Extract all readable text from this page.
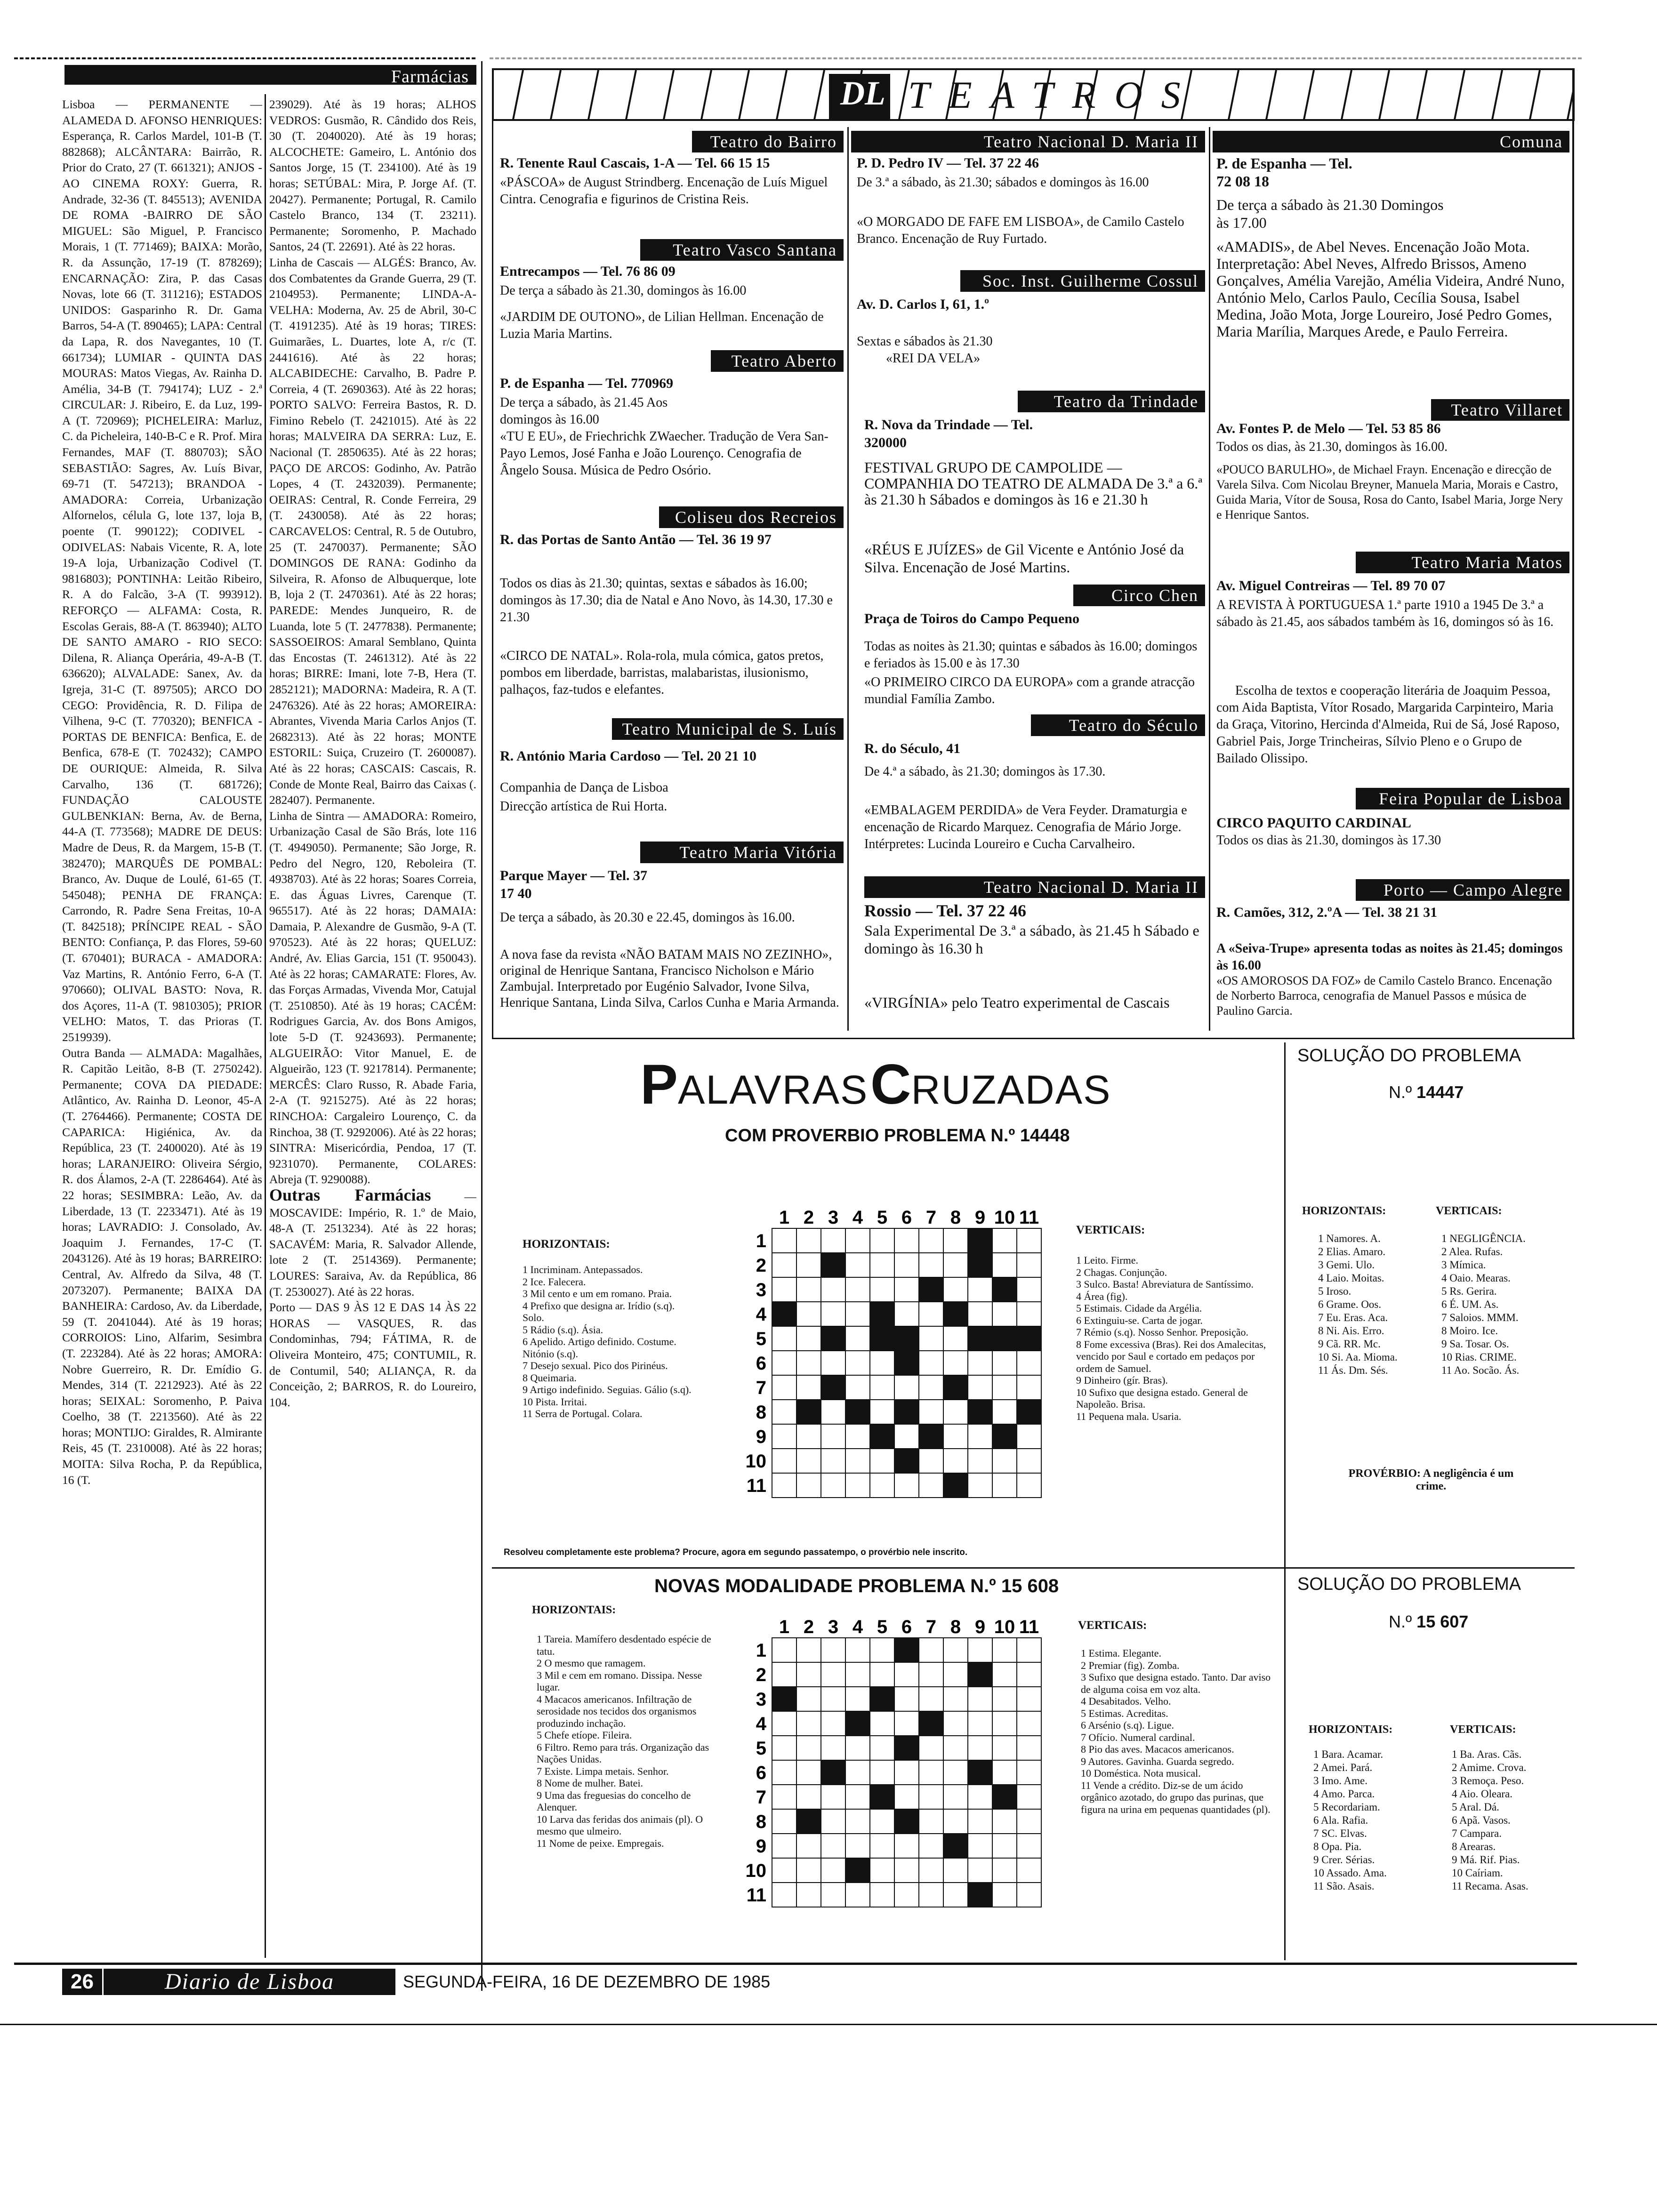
Farmácias

Lisboa — PERMANENTE — ALAMEDA D. AFONSO HENRIQUES: Esperança, R. Carlos Mardel, 101-B (T. 882868); ALCÂNTARA: Bairrão, R. Prior do Crato, 27 (T. 661321); ANJOS - AO CINEMA ROXY: Guerra, R. Andrade, 32-36 (T. 845513); AVENIDA DE ROMA -BAIRRO DE SÃO MIGUEL: São Miguel, P. Francisco Morais, 1 (T. 771469); BAIXA: Morão, R. da Assunção, 17-19 (T. 878269); ENCARNAÇÃO: Zira, P. das Casas Novas, lote 66 (T. 311216); ESTADOS UNIDOS: Gasparinho R. Dr. Gama Barros, 54-A (T. 890465); LAPA: Central da Lapa, R. dos Navegantes, 10 (T. 661734); LUMIAR - QUINTA DAS MOURAS: Matos Viegas, Av. Rainha D. Amélia, 34-B (T. 794174); LUZ - 2.ª CIRCULAR: J. Ribeiro, E. da Luz, 199-A (T. 720969); PICHELEIRA: Marluz, C. da Picheleira, 140-B-C e R. Prof. Mira Fernandes, MAF (T. 880703); SÃO SEBASTIÃO: Sagres, Av. Luís Bivar, 69-71 (T. 547213); BRANDOA - AMADORA: Correia, Urbanização Alfornelos, célula G, lote 137, loja B, poente (T. 990122); CODIVEL -ODIVELAS: Nabais Vicente, R. A, lote 19-A loja, Urbanização Codivel (T. 9816803); PONTINHA: Leitão Ribeiro, R. A do Falcão, 3-A (T. 993912). REFORÇO — ALFAMA: Costa, R. Escolas Gerais, 88-A (T. 863940); ALTO DE SANTO AMARO - RIO SECO: Dilena, R. Aliança Operária, 49-A-B (T. 636620); ALVALADE: Sanex, Av. da Igreja, 31-C (T. 897505); ARCO DO CEGO: Providência, R. D. Filipa de Vilhena, 9-C (T. 770320); BENFICA - PORTAS DE BENFICA: Benfica, E. de Benfica, 678-E (T. 702432); CAMPO DE OURIQUE: Almeida, R. Silva Carvalho, 136 (T. 681726); FUNDAÇÃO CALOUSTE GULBENKIAN: Berna, Av. de Berna, 44-A (T. 773568); MADRE DE DEUS: Madre de Deus, R. da Margem, 15-B (T. 382470); MARQUÊS DE POMBAL: Branco, Av. Duque de Loulé, 61-65 (T. 545048); PENHA DE FRANÇA: Carrondo, R. Padre Sena Freitas, 10-A (T. 842518); PRÍNCIPE REAL - SÃO BENTO: Confiança, P. das Flores, 59-60 (T. 670401); BURACA - AMADORA: Vaz Martins, R. António Ferro, 6-A (T. 970660); OLIVAL BASTO: Nova, R. dos Açores, 11-A (T. 9810305); PRIOR VELHO: Matos, T. das Prioras (T. 2519939).

Outra Banda — ALMADA: Magalhães, R. Capitão Leitão, 8-B (T. 2750242). Permanente; COVA DA PIEDADE: Atlântico, Av. Rainha D. Leonor, 45-A (T. 2764466). Permanente; COSTA DE CAPARICA: Higiénica, Av. da República, 23 (T. 2400020). Até às 19 horas; LARANJEIRO: Oliveira Sérgio, R. dos Álamos, 2-A (T. 2286464). Até às 22 horas; SESIMBRA: Leão, Av. da Liberdade, 13 (T. 2233471). Até às 19 horas; LAVRADIO: J. Consolado, Av. Joaquim J. Fernandes, 17-C (T. 2043126). Até às 19 horas; BARREIRO: Central, Av. Alfredo da Silva, 48 (T. 2073207). Permanente; BAIXA DA BANHEIRA: Cardoso, Av. da Liberdade, 59 (T. 2041044). Até às 19 horas; CORROIOS: Lino, Alfarim, Sesimbra (T. 223284). Até às 22 horas; AMORA: Nobre Guerreiro, R. Dr. Emídio G. Mendes, 314 (T. 2212923). Até às 22 horas; SEIXAL: Soromenho, P. Paiva Coelho, 38 (T. 2213560). Até às 22 horas; MONTIJO: Giraldes, R. Almirante Reis, 45 (T. 2310008). Até às 22 horas; MOITA: Silva Rocha, P. da República, 16 (T.

239029). Até às 19 horas; ALHOS VEDROS: Gusmão, R. Cândido dos Reis, 30 (T. 2040020). Até às 19 horas; ALCOCHETE: Gameiro, L. António dos Santos Jorge, 15 (T. 234100). Até às 19 horas; SETÚBAL: Mira, P. Jorge Af. (T. 20427). Permanente; Portugal, R. Camilo Castelo Branco, 134 (T. 23211). Permanente; Soromenho, P. Machado Santos, 24 (T. 22691). Até às 22 horas.

Linha de Cascais — ALGÉS: Branco, Av. dos Combatentes da Grande Guerra, 29 (T. 2104953). Permanente; LINDA-A-VELHA: Moderna, Av. 25 de Abril, 30-C (T. 4191235). Até às 19 horas; TIRES: Guimarães, L. Duartes, lote A, r/c (T. 2441616). Até às 22 horas; ALCABIDECHE: Carvalho, B. Padre P. Correia, 4 (T. 2690363). Até às 22 horas; PORTO SALVO: Ferreira Bastos, R. D. Fimino Rebelo (T. 2421015). Até às 22 horas; MALVEIRA DA SERRA: Luz, E. Nacional (T. 2850635). Até às 22 horas; PAÇO DE ARCOS: Godinho, Av. Patrão Lopes, 4 (T. 2432039). Permanente; OEIRAS: Central, R. Conde Ferreira, 29 (T. 2430058). Até às 22 horas; CARCAVELOS: Central, R. 5 de Outubro, 25 (T. 2470037). Permanente; SÃO DOMINGOS DE RANA: Godinho da Silveira, R. Afonso de Albuquerque, lote B, loja 2 (T. 2470361). Até às 22 horas; PAREDE: Mendes Junqueiro, R. de Luanda, lote 5 (T. 2477838). Permanente; SASSOEIROS: Amaral Semblano, Quinta das Encostas (T. 2461312). Até às 22 horas; BIRRE: Imani, lote 7-B, Hera (T. 2852121); MADORNA: Madeira, R. A (T. 2476326). Até às 22 horas; AMOREIRA: Abrantes, Vivenda Maria Carlos Anjos (T. 2682313). Até às 22 horas; MONTE ESTORIL: Suiça, Cruzeiro (T. 2600087). Até às 22 horas; CASCAIS: Cascais, R. Conde de Monte Real, Bairro das Caixas (. 282407). Permanente.

Linha de Sintra — AMADORA: Romeiro, Urbanização Casal de São Brás, lote 116 (T. 4949050). Permanente; São Jorge, R. Pedro del Negro, 120, Reboleira (T. 4938703). Até às 22 horas; Soares Correia, E. das Águas Livres, Carenque (T. 965517). Até às 22 horas; DAMAIA: Damaia, P. Alexandre de Gusmão, 9-A (T. 970523). Até às 22 horas; QUELUZ: André, Av. Elias Garcia, 151 (T. 950043). Até às 22 horas; CAMARATE: Flores, Av. das Forças Armadas, Vivenda Mor, Catujal (T. 2510850). Até às 19 horas; CACÉM: Rodrigues Garcia, Av. dos Bons Amigos, lote 5-D (T. 9243693). Permanente; ALGUEIRÃO: Vitor Manuel, E. de Algueirão, 123 (T. 9217814). Permanente; MERCÊS: Claro Russo, R. Abade Faria, 2-A (T. 9215275). Até às 22 horas; RINCHOA: Cargaleiro Lourenço, C. da Rinchoa, 38 (T. 9292006). Até às 22 horas; SINTRA: Misericórdia, Pendoa, 17 (T. 9231070). Permanente, COLARES: Abreja (T. 9290088).

Outras Farmácias	— MOSCAVIDE: Império, R. 1.º de Maio, 48-A (T. 2513234). Até às 22 horas; SACAVÉM: Maria, R. Salvador Allende, lote 2 (T. 2514369). Permanente; LOURES: Saraiva, Av. da República, 86 (T. 2530027). Até às 22 horas.

Porto — DAS 9 ÀS 12 E DAS 14 ÀS 22 HORAS — VASQUES, R. das Condominhas, 794; FÁTIMA, R. de Oliveira Monteiro, 475; CONTUMIL, R. de Contumil, 540; ALIANÇA, R. da Conceição, 2; BARROS, R. do Loureiro, 104.

DL TEATROS
Teatro do Bairro Alto
R. Tenente Raul Cascais, 1-A — Tel. 66 15 15
«PÁSCOA» de August Strindberg. Encenação de Luís Miguel Cintra. Cenografia e figurinos de Cristina Reis.
Teatro Vasco Santana
Entrecampos — Tel. 76 86 09
De terça a sábado às 21.30, domingos às 16.00
«JARDIM DE OUTONO», de Lilian Hellman. Encenação de Luzia Maria Martins.
Teatro Aberto
P. de Espanha — Tel. 770969
De terça a sábado, às 21.45 Aos domingos às 16.00
«TU E EU», de Friechrichk ZWaecher. Tradução de Vera San-Payo Lemos, José Fanha e João Lourenço. Cenografia de Ângelo Sousa. Música de Pedro Osório.
Coliseu dos Recreios
R. das Portas de Santo Antão — Tel. 36 19 97
Todos os dias às 21.30; quintas, sextas e sábados às 16.00; domingos às 17.30; dia de Natal e Ano Novo, às 14.30, 17.30 e 21.30
«CIRCO DE NATAL». Rola-rola, mula cómica, gatos pretos, pombos em liberdade, barristas, malabaristas, ilusionismo, palhaços, faz-tudos e elefantes.
Teatro Municipal de S. Luís
R. António Maria Cardoso — Tel. 20 21 10
Companhia de Dança de Lisboa
Direcção artística de Rui Horta.
Teatro Maria Vitória
Parque Mayer — Tel. 37 17 40
De terça a sábado, às 20.30 e 22.45, domingos às 16.00.
A nova fase da revista «NÃO BATAM MAIS NO ZEZINHO», original de Henrique Santana, Francisco Nicholson e Mário Zambujal. Interpretado por Eugénio Salvador, Ivone Silva, Henrique Santana, Linda Silva, Carlos Cunha e Maria Armanda.
Teatro Nacional D. Maria II
P. D. Pedro IV — Tel. 37 22 46
De 3.ª a sábado, às 21.30; sábados e domingos às 16.00
«O MORGADO DE FAFE EM LISBOA», de Camilo Castelo Branco. Encenação de Ruy Furtado.
Soc. Inst. Guilherme Cossul
Av. D. Carlos I, 61, 1.º
Sextas e sábados às 21.30
«REI DA VELA»
Teatro da Trindade
R. Nova da Trindade — Tel. 320000
FESTIVAL GRUPO DE CAMPOLIDE — COMPANHIA DO TEATRO DE ALMADA De 3.ª a 6.ª às 21.30 h Sábados e domingos às 16 e 21.30 h
«RÉUS E JUÍZES» de Gil Vicente e António José da Silva. Encenação de José Martins.
Circo Chen
Praça de Toiros do Campo Pequeno
Todas as noites às 21.30; quintas e sábados às 16.00; domingos e feriados às 15.00 e às 17.30
«O PRIMEIRO CIRCO DA EUROPA» com a grande atracção mundial Família Zambo.
Teatro do Século
R. do Século, 41
De 4.ª a sábado, às 21.30; domingos às 17.30.
«EMBALAGEM PERDIDA» de Vera Feyder. Dramaturgia e encenação de Ricardo Marquez. Cenografia de Mário Jorge. Intérpretes: Lucinda Loureiro e Cucha Carvalheiro.
Teatro Nacional D. Maria II
Rossio — Tel. 37 22 46
Sala Experimental De 3.ª a sábado, às 21.45 h Sábado e domingo às 16.30 h
«VIRGÍNIA» pelo Teatro experimental de Cascais
Comuna
P. de Espanha — Tel. 72 08 18
De terça a sábado às 21.30 Domingos às 17.00
«AMADIS», de Abel Neves. Encenação João Mota. Interpretação: Abel Neves, Alfredo Brissos, Ameno Gonçalves, Amélia Varejão, Amélia Videira, André Nuno, António Melo, Carlos Paulo, Cecília Sousa, Isabel Medina, João Mota, Jorge Loureiro, José Pedro Gomes, Maria Marília, Marques Arede, e Paulo Ferreira.
Teatro Villaret
Av. Fontes P. de Melo — Tel. 53 85 86
Todos os dias, às 21.30, domingos às 16.00.
«POUCO BARULHO», de Michael Frayn. Encenação e direcção de Varela Silva. Com Nicolau Breyner, Manuela Maria, Morais e Castro, Guida Maria, Vítor de Sousa, Rosa do Canto, Isabel Maria, Jorge Nery e Henrique Santos.
Teatro Maria Matos
Av. Miguel Contreiras — Tel. 89 70 07
A REVISTA À PORTUGUESA 1.ª parte 1910 a 1945 De 3.ª a sábado às 21.45, aos sábados também às 16, domingos só às 16.
Escolha de textos e cooperação literária de Joaquim Pessoa, com Aida Baptista, Vítor Rosado, Margarida Carpinteiro, Maria da Graça, Vitorino, Hercinda d'Almeida, Rui de Sá, José Raposo, Gabriel Pais, Jorge Trincheiras, Sílvio Pleno e o Grupo de Bailado Olissipo.
Feira Popular de Lisboa
CIRCO PAQUITO CARDINAL
Todos os dias às 21.30, domingos às 17.30
Porto — Campo Alegre
R. Camões, 312, 2.ºA — Tel. 38 21 31
A «Seiva-Trupe» apresenta todas as noites às 21.45; domingos às 16.00
«OS AMOROSOS DA FOZ» de Camilo Castelo Branco. Encenação de Norberto Barroca, cenografia de Manuel Passos e música de Paulino Garcia.
PALAVRAS CRUZADAS
COM PROVERBIO PROBLEMA N.º 14448
HORIZONTAIS:

1 Incriminam. Antepassados.

2 Ice. Falecera.

3 Mil cento e um em romano. Praia.

4 Prefixo que designa ar. Irídio (s.q). Solo.

5 Rádio (s.q). Ásia.

6 Apelido. Artigo definido. Costume. Nitónio (s.q).

7 Desejo sexual. Pico dos Pirinéus.

8 Queimaria.

9 Artigo indefinido. Seguias. Gálio (s.q).

10 Pista. Irritai.

11 Serra de Portugal. Colara.

1 2 3 4 5 6 7 8 9 10 11
1
2
3
4
5
6
7
8
9
10
11
VERTICAIS:

1 Leito. Firme.

2 Chagas. Conjunção.

3 Sulco. Basta! Abreviatura de Santíssimo.

4 Área (fig).

5 Estimais. Cidade da Argélia.

6 Extinguiu-se. Carta de jogar.

7 Rémio (s.q). Nosso Senhor. Preposição.

8 Fome excessiva (Bras). Rei dos Amalecitas, vencido por Saul e cortado em pedaços por ordem de Samuel.

9 Dinheiro (gír. Bras).

10 Sufixo que designa estado. General de Napoleão. Brisa.

11 Pequena mala. Usaria.

Resolveu completamente este problema? Procure, agora em segundo passatempo, o provérbio nele inscrito.
SOLUÇÃO DO PROBLEMA
N.º 14447
HORIZONTAIS:	VERTICAIS:

1 Namores. A.

2 Elias. Amaro.

3 Gemi. Ulo.

4 Laio. Moitas.

5 Iroso.

6 Grame. Oos.

7 Eu. Eras. Aca.

8 Ni. Ais. Erro.

9 Cã. RR. Mc.

10 Si. Aa. Mioma.

11 Ás. Dm. Sés.

1 NEGLIGÊNCIA.

2 Alea. Rufas.

3 Mímica.

4 Oaio. Mearas.

5 Rs. Gerira.

6 É. UM. As.

7 Saloios. MMM.

8 Moiro. Ice.

9 Sa. Tosar. Os.

10 Rias. CRIME.

11 Ao. Socão. Ás.

PROVÉRBIO: A negligência é um crime.
NOVAS MODALIDADE PROBLEMA N.º 15 608
HORIZONTAIS:

1 Tareia. Mamífero desdentado espécie de tatu.

2 O mesmo que ramagem.

3 Mil e cem em romano. Dissipa. Nesse lugar.

4 Macacos americanos. Infiltração de serosidade nos tecidos dos organismos produzindo inchação.

5 Chefe etíope. Fileira.

6 Filtro. Remo para trás. Organização das Nações Unidas.

7 Existe. Limpa metais. Senhor.

8 Nome de mulher. Batei.

9 Uma das freguesias do concelho de Alenquer.

10 Larva das feridas dos animais (pl). O mesmo que ulmeiro.

11 Nome de peixe. Empregais.

1 2 3 4 5 6 7 8 9 10 11
1
2
3
4
5
6
7
8
9
10
11
VERTICAIS:

1 Estima. Elegante.

2 Premiar (fig). Zomba.

3 Sufixo que designa estado. Tanto. Dar aviso de alguma coisa em voz alta.

4 Desabitados. Velho.

5 Estimas. Acreditas.

6 Arsénio (s.q). Ligue.

7 Ofício. Numeral cardinal.

8 Pio das aves. Macacos americanos.

9 Autores. Gavinha. Guarda segredo.

10 Doméstica. Nota musical.

11 Vende a crédito. Diz-se de um ácido orgânico azotado, do grupo das purinas, que figura na urina em pequenas quantidades (pl).

SOLUÇÃO DO PROBLEMA
N.º 15 607
HORIZONTAIS:	VERTICAIS:

1 Bara. Acamar.

2 Amei. Pará.

3 Imo. Ame.

4 Amo. Parca.

5 Recordariam.

6 Ala. Rafia.

7 SC. Elvas.

8 Opa. Pia.

9 Crer. Sérias.

10 Assado. Ama.

11 São. Asais.

1 Ba. Aras. Cãs.

2 Amime. Crova.

3 Remoça. Peso.

4 Aio. Oleara.

5 Aral. Dá.

6 Apã. Vasos.

7 Campara.

8 Arearas.

9 Má. Rif. Pias.

10 Caíriam.

11 Recama. Asas.

26	Diario de Lisboa	SEGUNDA-FEIRA, 16 DE DEZEMBRO DE 1985
